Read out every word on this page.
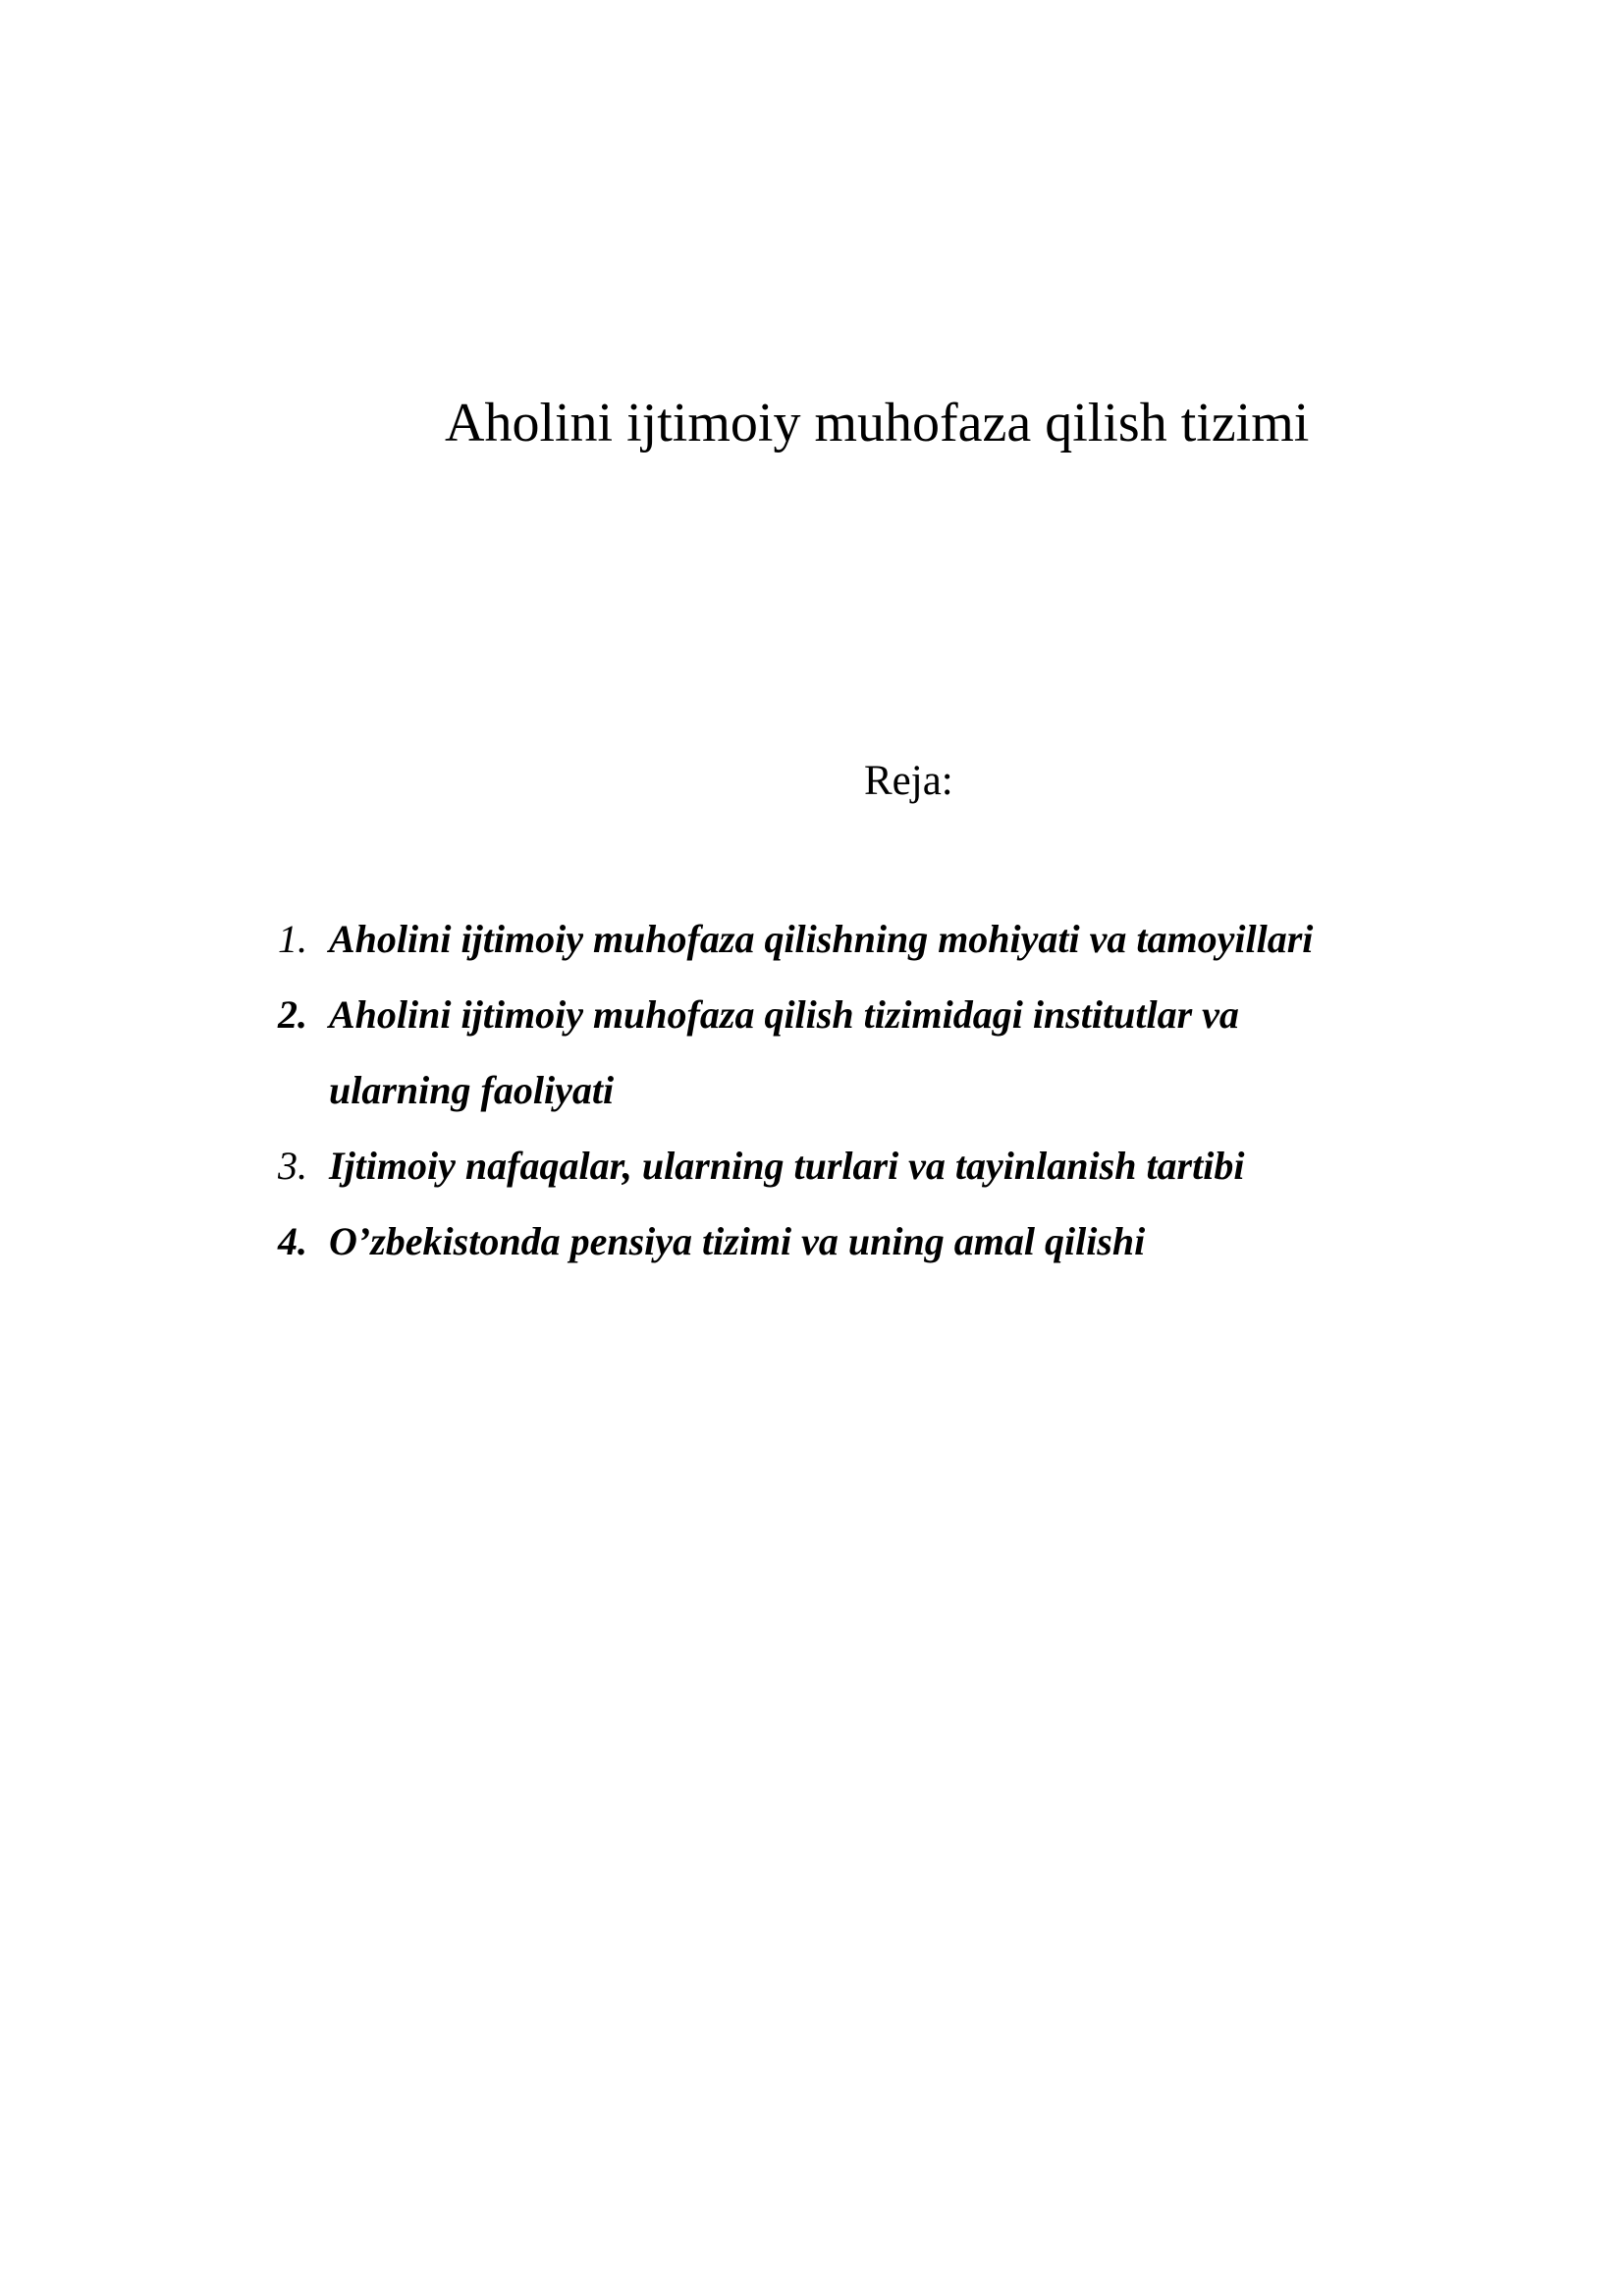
Aholini ijtimoiy muhofaza qilish tizimi
Reja:
1. Aholini ijtimoiy muhofaza qilishning mohiyati va tamoyillari
2. Aholini ijtimoiy muhofaza qilish tizimidagi institutlar va ularning faoliyati
3. Ijtimoiy nafaqalar, ularning turlari va tayinlanish tartibi
4. O’zbekistonda pensiya tizimi va uning amal qilishi
